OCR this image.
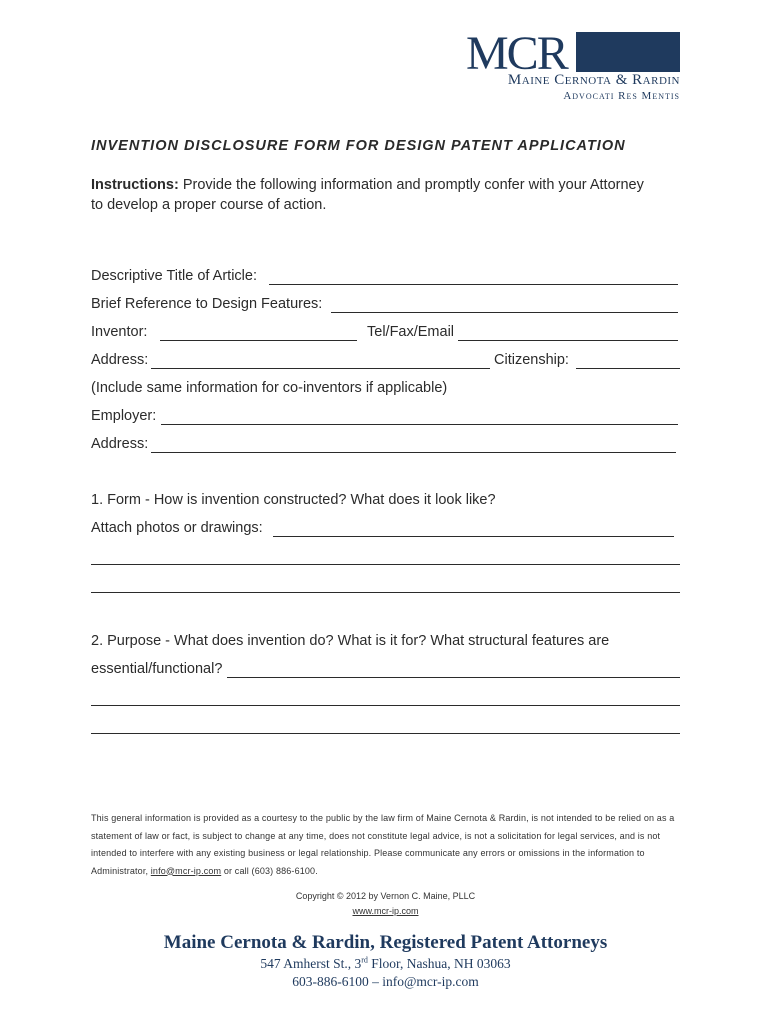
MCR
Maine Cernota & Rardin
Advocati Res Mentis
INVENTION DISCLOSURE FORM FOR DESIGN PATENT APPLICATION
Instructions: Provide the following information and promptly confer with your Attorney to develop a proper course of action.
Descriptive Title of Article:
Brief Reference to Design Features:
Inventor:	Tel/Fax/Email
Address:	Citizenship:
(Include same information for co-inventors if applicable)
Employer:
Address:
1. Form - How is invention constructed? What does it look like?
Attach photos or drawings:
2. Purpose - What does invention do? What is it for? What structural features are
essential/functional?
This general information is provided as a courtesy to the public by the law firm of Maine Cernota & Rardin, is not intended to be relied on as a statement of law or fact, is subject to change at any time, does not constitute legal advice, is not a solicitation for legal services, and is not intended to interfere with any existing business or legal relationship. Please communicate any errors or omissions in the information to Administrator, info@mcr-ip.com or call (603) 886-6100.
Copyright © 2012 by Vernon C. Maine, PLLC
www.mcr-ip.com
Maine Cernota & Rardin, Registered Patent Attorneys
547 Amherst St., 3rd Floor, Nashua, NH 03063
603-886-6100 – info@mcr-ip.com
